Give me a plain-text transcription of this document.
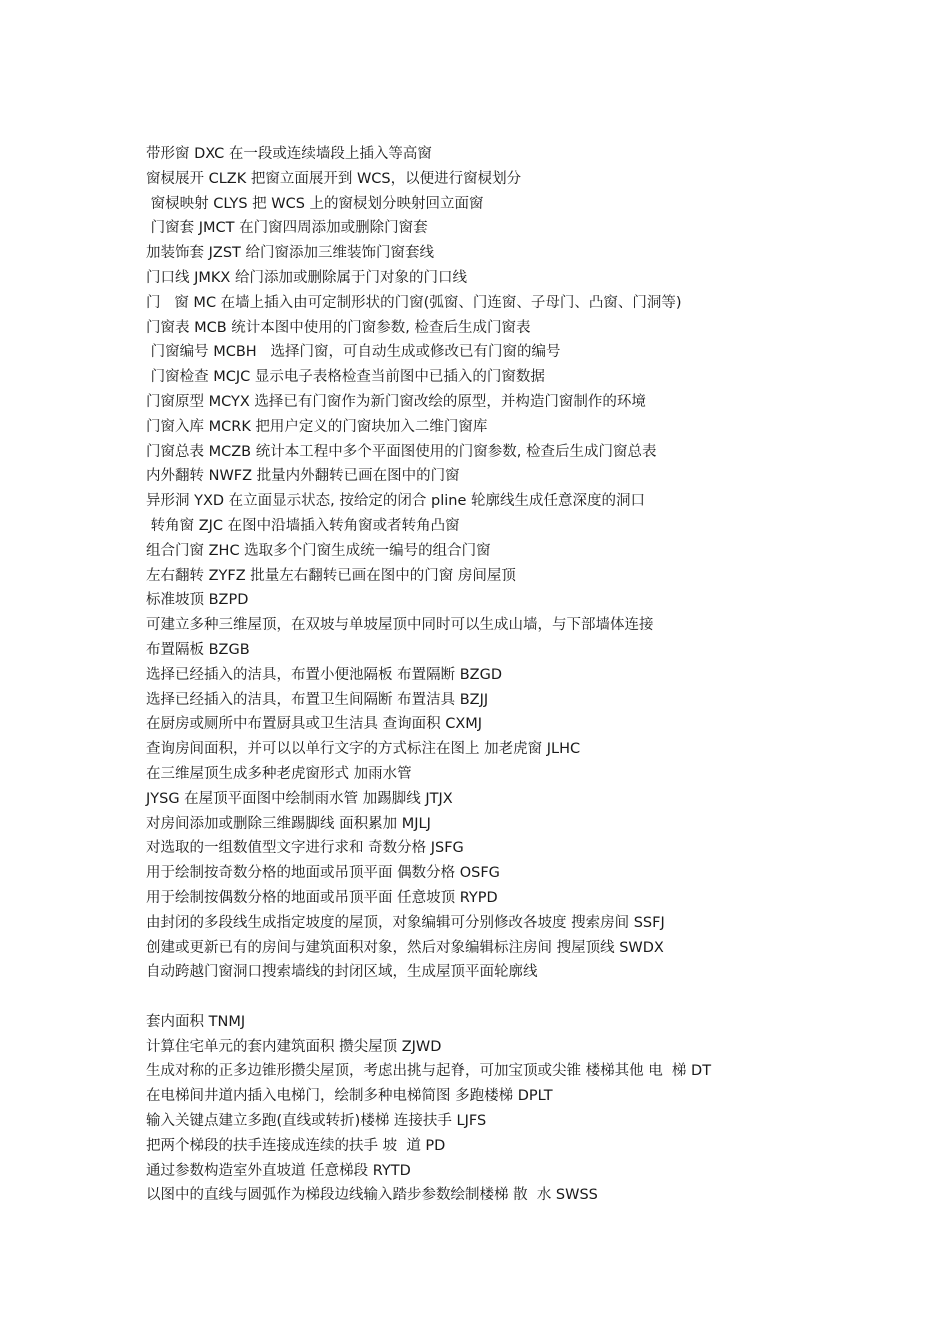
带形窗 DXC 在一段或连续墙段上插入等高窗
窗棂展开 CLZK 把窗立面展开到 WCS，以便进行窗棂划分
窗棂映射 CLYS 把 WCS 上的窗棂划分映射回立面窗
门窗套 JMCT 在门窗四周添加或删除门窗套
加装饰套 JZST 给门窗添加三维装饰门窗套线
门口线 JMKX 给门添加或删除属于门对象的门口线
门   窗 MC 在墙上插入由可定制形状的门窗(弧窗、门连窗、子母门、凸窗、门洞等)
门窗表 MCB 统计本图中使用的门窗参数, 检查后生成门窗表
门窗编号 MCBH   选择门窗，可自动生成或修改已有门窗的编号
门窗检查 MCJC 显示电子表格检查当前图中已插入的门窗数据
门窗原型 MCYX 选择已有门窗作为新门窗改绘的原型，并构造门窗制作的环境
门窗入库 MCRK 把用户定义的门窗块加入二维门窗库
门窗总表 MCZB 统计本工程中多个平面图使用的门窗参数, 检查后生成门窗总表
内外翻转 NWFZ 批量内外翻转已画在图中的门窗
异形洞 YXD 在立面显示状态, 按给定的闭合 pline 轮廓线生成任意深度的洞口
转角窗 ZJC 在图中沿墙插入转角窗或者转角凸窗
组合门窗 ZHC 选取多个门窗生成统一编号的组合门窗
左右翻转 ZYFZ 批量左右翻转已画在图中的门窗 房间屋顶
标准坡顶 BZPD
可建立多种三维屋顶，在双坡与单坡屋顶中同时可以生成山墙，与下部墙体连接
布置隔板 BZGB
选择已经插入的洁具，布置小便池隔板 布置隔断 BZGD
选择已经插入的洁具，布置卫生间隔断 布置洁具 BZJJ
在厨房或厕所中布置厨具或卫生洁具 查询面积 CXMJ
查询房间面积，并可以以单行文字的方式标注在图上 加老虎窗 JLHC
在三维屋顶生成多种老虎窗形式 加雨水管
JYSG 在屋顶平面图中绘制雨水管 加踢脚线 JTJX
对房间添加或删除三维踢脚线 面积累加 MJLJ
对选取的一组数值型文字进行求和 奇数分格 JSFG
用于绘制按奇数分格的地面或吊顶平面 偶数分格 OSFG
用于绘制按偶数分格的地面或吊顶平面 任意坡顶 RYPD
由封闭的多段线生成指定坡度的屋顶，对象编辑可分别修改各坡度 搜索房间 SSFJ
创建或更新已有的房间与建筑面积对象，然后对象编辑标注房间 搜屋顶线 SWDX
自动跨越门窗洞口搜索墙线的封闭区域，生成屋顶平面轮廓线
套内面积 TNMJ
计算住宅单元的套内建筑面积 攒尖屋顶 ZJWD
生成对称的正多边锥形攒尖屋顶，考虑出挑与起脊，可加宝顶或尖锥 楼梯其他 电  梯 DT
在电梯间井道内插入电梯门，绘制多种电梯简图 多跑楼梯 DPLT
输入关键点建立多跑(直线或转折)楼梯 连接扶手 LJFS
把两个梯段的扶手连接成连续的扶手 坡  道 PD
通过参数构造室外直坡道 任意梯段 RYTD
以图中的直线与圆弧作为梯段边线输入踏步参数绘制楼梯 散  水 SWSS
